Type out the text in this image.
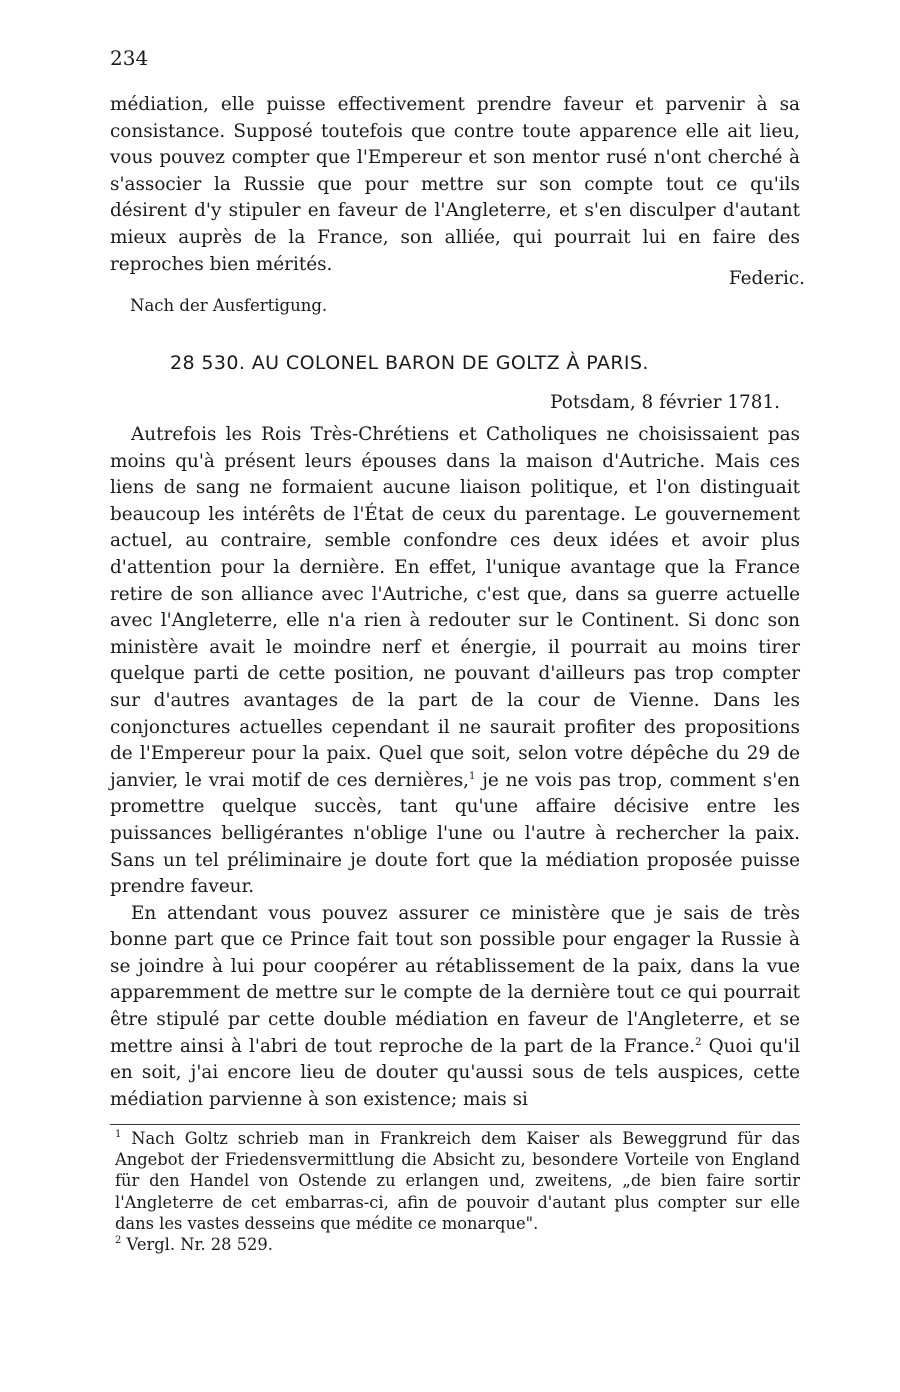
234

médiation, elle puisse effectivement prendre faveur et parvenir à sa consistance. Supposé toutefois que contre toute apparence elle ait lieu, vous pouvez compter que l'Empereur et son mentor rusé n'ont cherché à s'associer la Russie que pour mettre sur son compte tout ce qu'ils désirent d'y stipuler en faveur de l'Angleterre, et s'en disculper d'autant mieux auprès de la France, son alliée, qui pourrait lui en faire des reproches bien mérités.

Federic.
Nach der Ausfertigung.
28 530. AU COLONEL BARON DE GOLTZ À PARIS.
Potsdam, 8 février 1781.

Autrefois les Rois Très-Chrétiens et Catholiques ne choisissaient pas moins qu'à présent leurs épouses dans la maison d'Autriche. Mais ces liens de sang ne formaient aucune liaison politique, et l'on distinguait beaucoup les intérêts de l'État de ceux du parentage. Le gouvernement actuel, au contraire, semble confondre ces deux idées et avoir plus d'attention pour la dernière. En effet, l'unique avantage que la France retire de son alliance avec l'Autriche, c'est que, dans sa guerre actuelle avec l'Angleterre, elle n'a rien à redouter sur le Continent. Si donc son ministère avait le moindre nerf et énergie, il pourrait au moins tirer quelque parti de cette position, ne pouvant d'ailleurs pas trop compter sur d'autres avantages de la part de la cour de Vienne. Dans les conjonctures actuelles cependant il ne saurait profiter des propositions de l'Empereur pour la paix. Quel que soit, selon votre dépêche du 29 de janvier, le vrai motif de ces dernières,$^1$ je ne vois pas trop, comment s'en promettre quelque succès, tant qu'une affaire décisive entre les puissances belligérantes n'oblige l'une ou l'autre à rechercher la paix. Sans un tel préliminaire je doute fort que la médiation proposée puisse prendre faveur.

En attendant vous pouvez assurer ce ministère que je sais de très bonne part que ce Prince fait tout son possible pour engager la Russie à se joindre à lui pour coopérer au rétablissement de la paix, dans la vue apparemment de mettre sur le compte de la dernière tout ce qui pourrait être stipulé par cette double médiation en faveur de l'Angleterre, et se mettre ainsi à l'abri de tout reproche de la part de la France.$^2$ Quoi qu'il en soit, j'ai encore lieu de douter qu'aussi sous de tels auspices, cette médiation parvienne à son existence; mais si

$^1$ Nach Goltz schrieb man in Frankreich dem Kaiser als Beweggrund für das Angebot der Friedensvermittlung die Absicht zu, besondere Vorteile von England für den Handel von Ostende zu erlangen und, zweitens, „de bien faire sortir l'Angleterre de cet embarras-ci, afin de pouvoir d'autant plus compter sur elle dans les vastes desseins que médite ce monarque".

$^2$ Vergl. Nr. 28 529.
